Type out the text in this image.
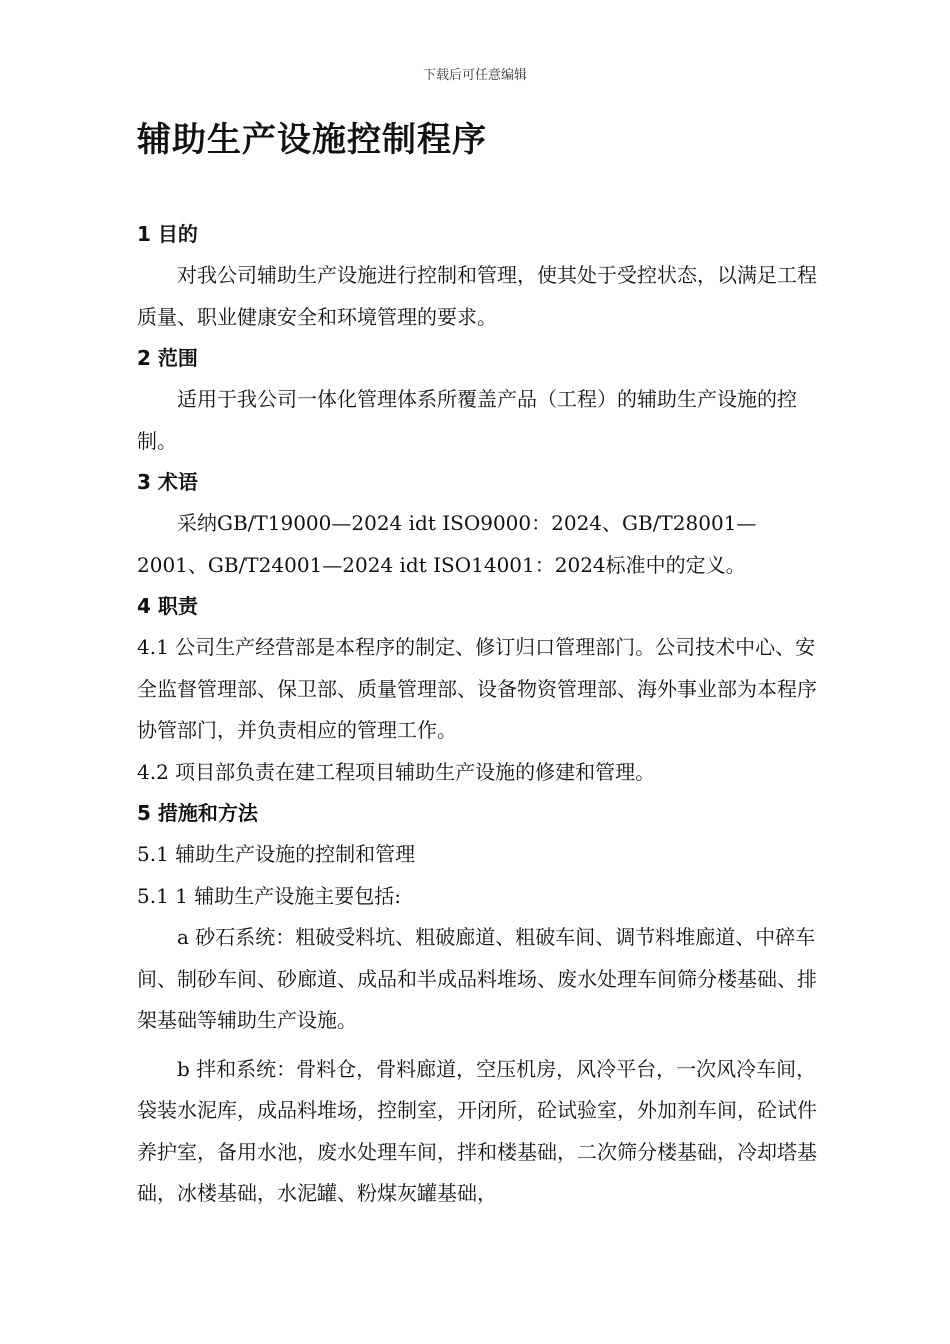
下载后可任意编辑
辅助生产设施控制程序
1 目的
对我公司辅助生产设施进行控制和管理，使其处于受控状态，以满足工程质量、职业健康安全和环境管理的要求。
2 范围
适用于我公司一体化管理体系所覆盖产品（工程）的辅助生产设施的控制。
3 术语
采纳GB/T19000—2024 idt ISO9000：2024、GB/T28001—2001、GB/T24001—2024 idt ISO14001：2024标准中的定义。
4 职责
4.1 公司生产经营部是本程序的制定、修订归口管理部门。公司技术中心、安全监督管理部、保卫部、质量管理部、设备物资管理部、海外事业部为本程序协管部门，并负责相应的管理工作。
4.2 项目部负责在建工程项目辅助生产设施的修建和管理。
5 措施和方法
5.1 辅助生产设施的控制和管理
5.1 1 辅助生产设施主要包括:
a 砂石系统：粗破受料坑、粗破廊道、粗破车间、调节料堆廊道、中碎车间、制砂车间、砂廊道、成品和半成品料堆场、废水处理车间筛分楼基础、排架基础等辅助生产设施。
b 拌和系统：骨料仓，骨料廊道，空压机房，风冷平台，一次风冷车间，袋装水泥库，成品料堆场，控制室，开闭所，砼试验室，外加剂车间，砼试件养护室，备用水池，废水处理车间，拌和楼基础，二次筛分楼基础，冷却塔基础，冰楼基础，水泥罐、粉煤灰罐基础，
